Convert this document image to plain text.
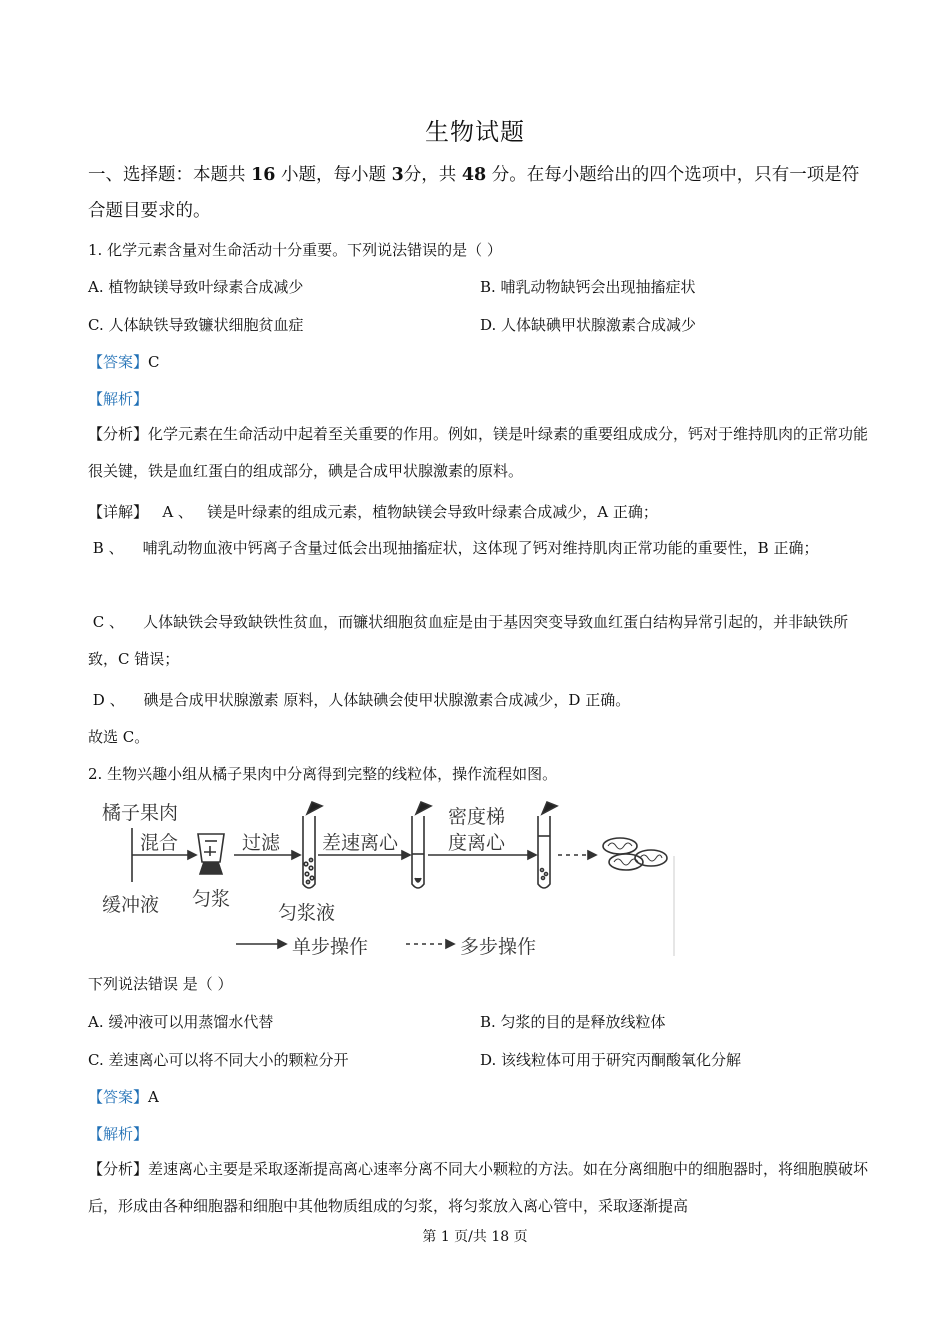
生物试题
一、选择题：本题共 16 小题，每小题 3分，共 48 分。在每小题给出的四个选项中，只有一项是符合题目要求的。
1. 化学元素含量对生命活动十分重要。下列说法错误的是（ ）
A. 植物缺镁导致叶绿素合成减少	B. 哺乳动物缺钙会出现抽搐症状
C. 人体缺铁导致镰状细胞贫血症	D. 人体缺碘甲状腺激素合成减少
【答案】C
【解析】
【分析】化学元素在生命活动中起着至关重要的作用。例如，镁是叶绿素的重要组成成分，钙对于维持肌肉的正常功能很关键，铁是血红蛋白的组成部分，碘是合成甲状腺激素的原料。
【详解】 A 、 镁是叶绿素的组成元素，植物缺镁会导致叶绿素合成减少，A 正确；
B 、 哺乳动物血液中钙离子含量过低会出现抽搐症状，这体现了钙对维持肌肉正常功能的重要性，B 正确；
C 、 人体缺铁会导致缺铁性贫血，而镰状细胞贫血症是由于基因突变导致血红蛋白结构异常引起的，并非缺铁所致，C 错误；
D 、 碘是合成甲状腺激素 原料，人体缺碘会使甲状腺激素合成减少，D 正确。
故选 C。
2. 生物兴趣小组从橘子果肉中分离得到完整的线粒体，操作流程如图。
橘子果肉
混合
缓冲液 匀浆
过滤
匀浆液
差速离心
密度梯
度离心
单步操作	多步操作
下列说法错误 是（ ）
A. 缓冲液可以用蒸馏水代替	B. 匀浆的目的是释放线粒体
C. 差速离心可以将不同大小的颗粒分开	D. 该线粒体可用于研究丙酮酸氧化分解
【答案】A
【解析】
【分析】差速离心主要是采取逐渐提高离心速率分离不同大小颗粒的方法。如在分离细胞中的细胞器时，将细胞膜破坏后，形成由各种细胞器和细胞中其他物质组成的匀浆，将匀浆放入离心管中，采取逐渐提高
第 1 页/共 18 页
